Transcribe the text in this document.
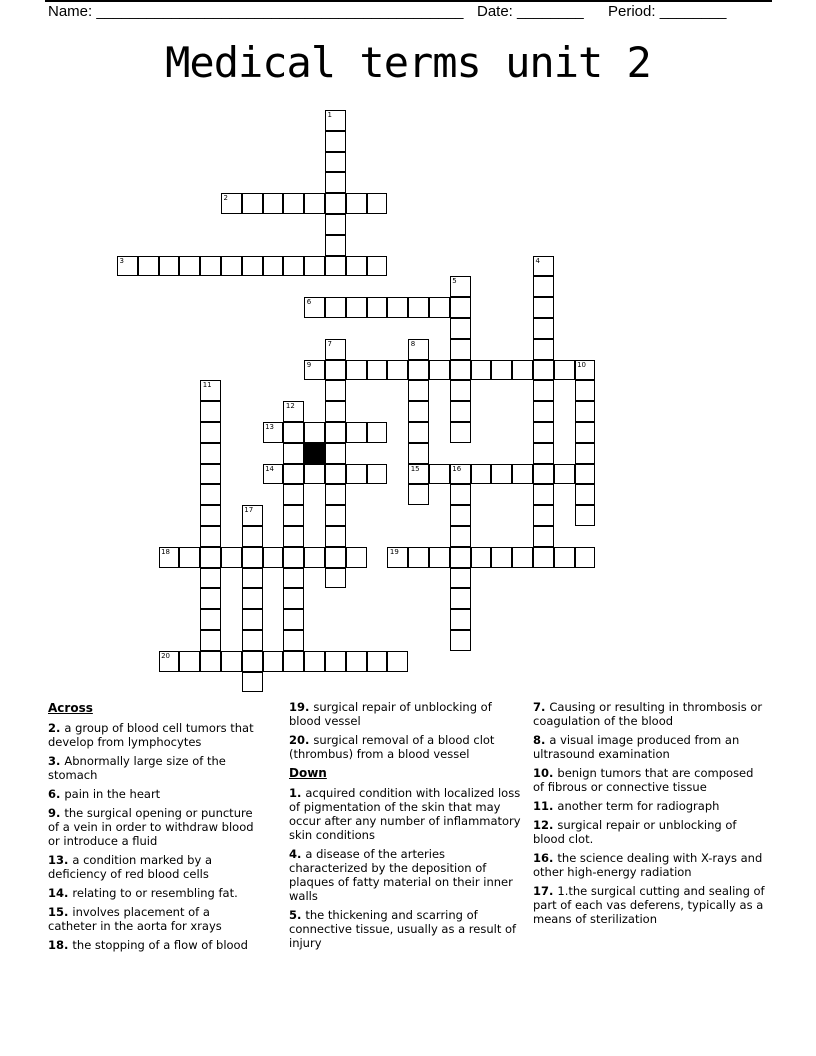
Name: ____________________________________________ Date: ________ Period: ________
Medical terms unit 2
1
2
3	4
5
6
7	8
15
9	10
11
12
13
14	16
17
18	19
20
Across

2. a group of blood cell tumors that develop from lymphocytes

3. Abnormally large size of the stomach

6. pain in the heart

9. the surgical opening or puncture of a vein in order to withdraw blood or introduce a fluid

13. a condition marked by a deficiency of red blood cells

14. relating to or resembling fat.

15. involves placement of a catheter in the aorta for xrays

18. the stopping of a flow of blood

19. surgical repair of unblocking of blood vessel

20. surgical removal of a blood clot (thrombus) from a blood vessel

Down

1. acquired condition with localized loss of pigmentation of the skin that may occur after any number of inflammatory skin conditions

4. a disease of the arteries characterized by the deposition of plaques of fatty material on their inner walls

5. the thickening and scarring of connective tissue, usually as a result of injury

7. Causing or resulting in thrombosis or coagulation of the blood

8. a visual image produced from an ultrasound examination

10. benign tumors that are composed of fibrous or connective tissue

11. another term for radiograph

12. surgical repair or unblocking of blood clot.

16. the science dealing with X-rays and other high-energy radiation

17. 1.the surgical cutting and sealing of part of each vas deferens, typically as a means of sterilization
